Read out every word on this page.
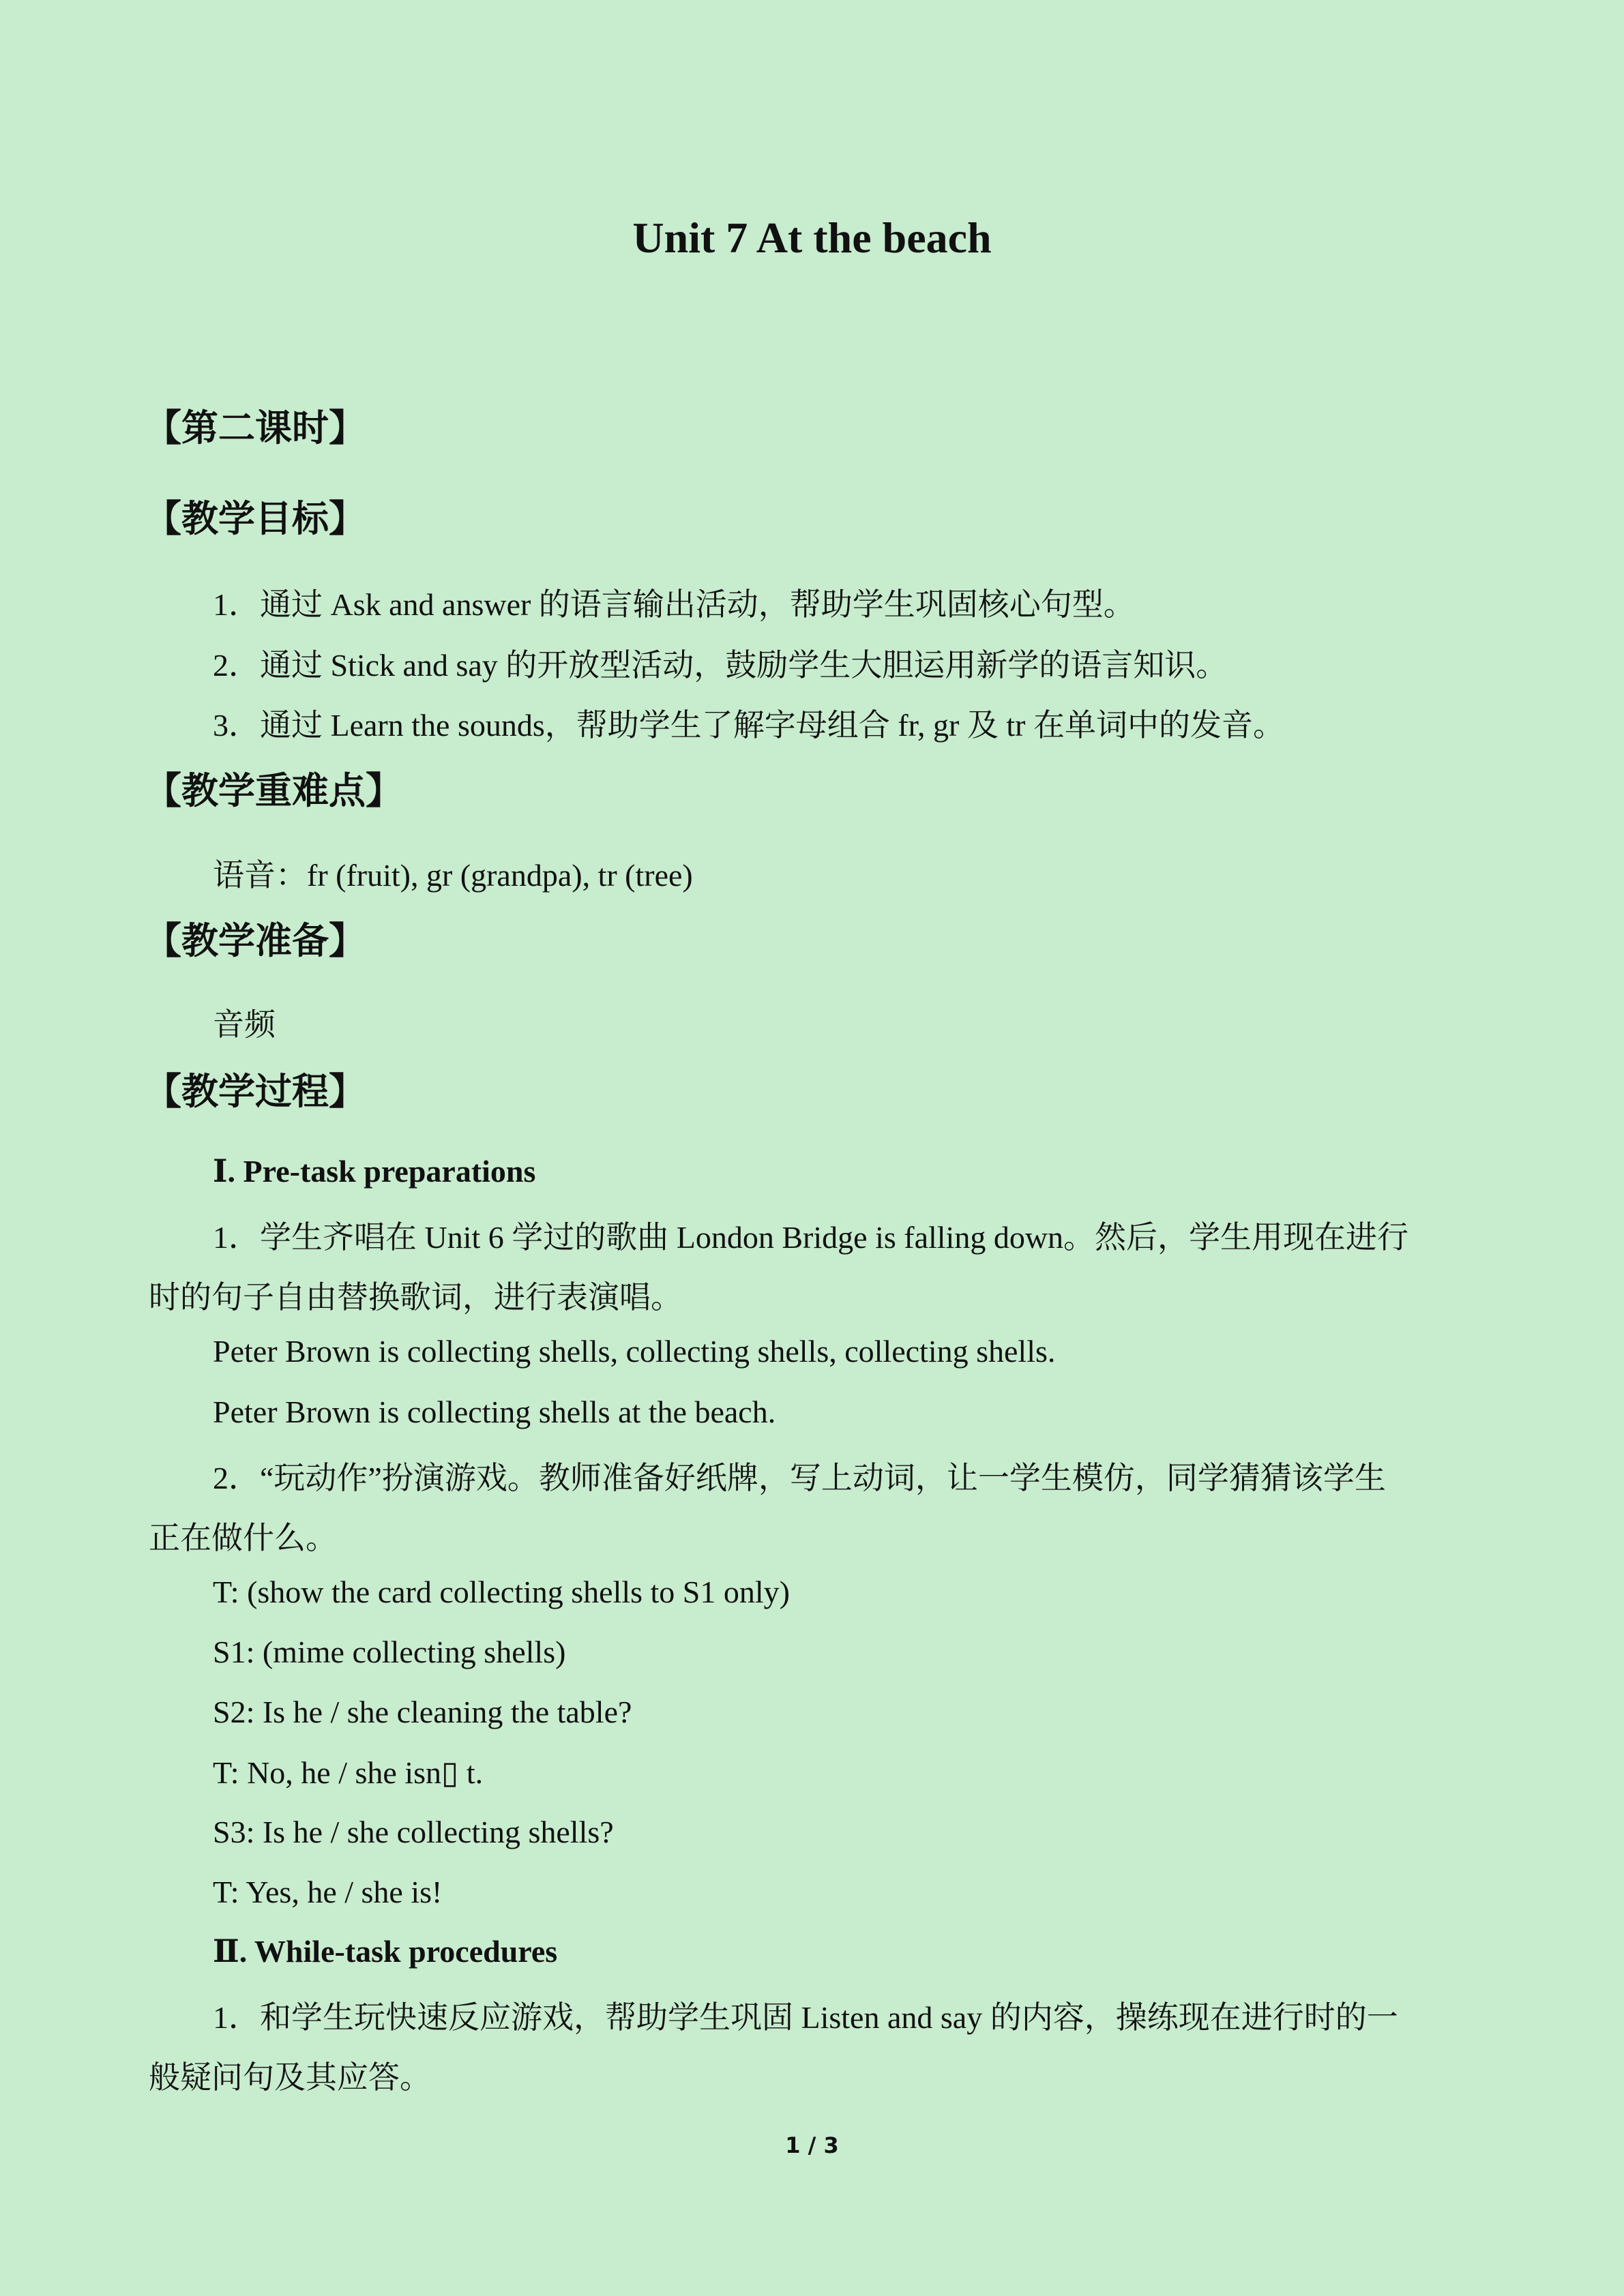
Unit 7 At the beach
【第二课时】
【教学目标】
1．通过 Ask and answer 的语言输出活动，帮助学生巩固核心句型。
2．通过 Stick and say 的开放型活动，鼓励学生大胆运用新学的语言知识。
3．通过 Learn the sounds，帮助学生了解字母组合 fr, gr 及 tr 在单词中的发音。
【教学重难点】
语音：fr (fruit), gr (grandpa), tr (tree)
【教学准备】
音频
【教学过程】
Ⅰ. Pre-task preparations
1．学生齐唱在 Unit 6 学过的歌曲 London Bridge is falling down。然后，学生用现在进行
时的句子自由替换歌词，进行表演唱。
Peter Brown is collecting shells, collecting shells, collecting shells.
Peter Brown is collecting shells at the beach.
2．“玩动作”扮演游戏。教师准备好纸牌，写上动词，让一学生模仿，同学猜猜该学生
正在做什么。
T: (show the card collecting shells to S1 only)
S1: (mime collecting shells)
S2: Is he / she cleaning the table?
T: No, he / she isn▯ t.
S3: Is he / she collecting shells?
T: Yes, he / she is!
Ⅱ. While-task procedures
1．和学生玩快速反应游戏，帮助学生巩固 Listen and say 的内容，操练现在进行时的一
般疑问句及其应答。
1 / 3
